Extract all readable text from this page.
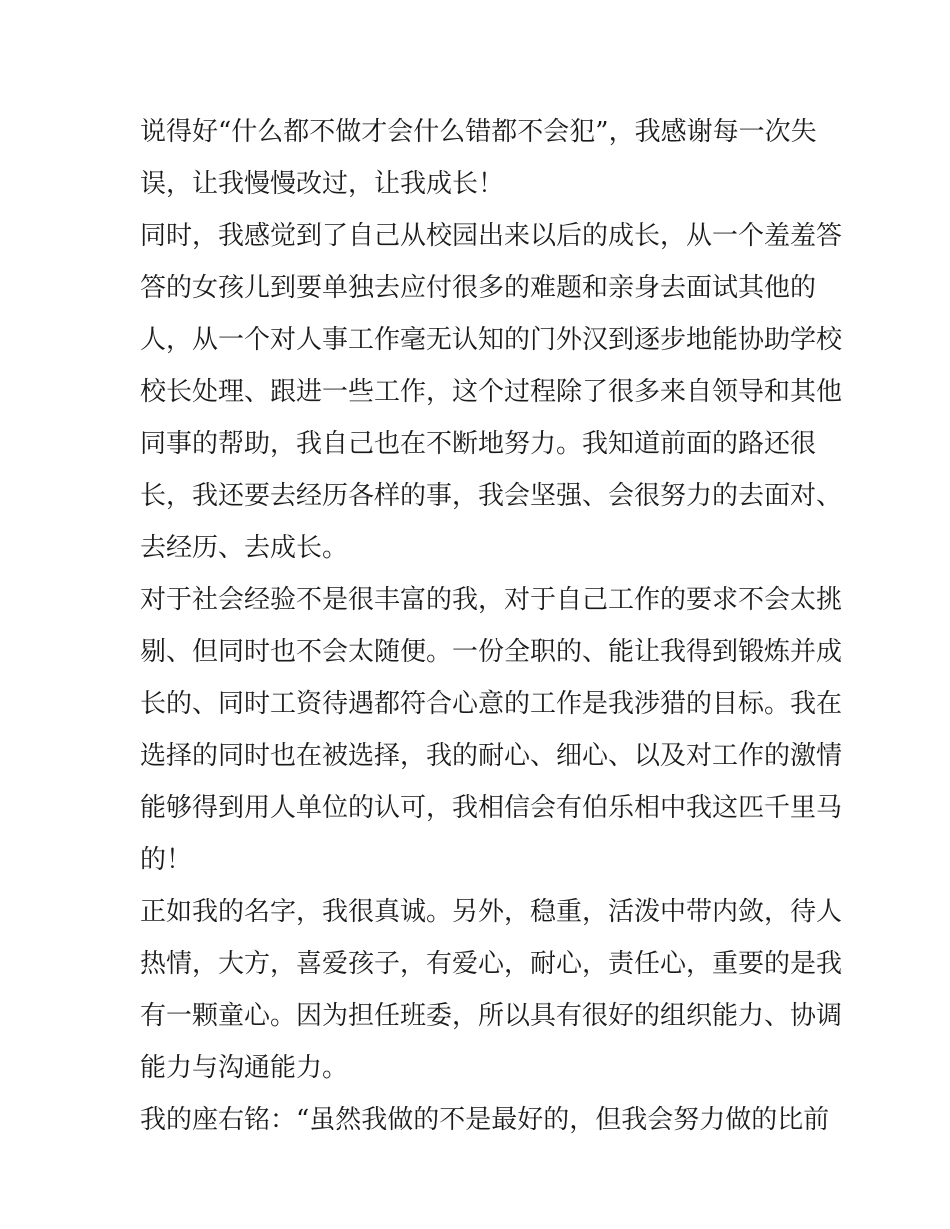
说得好“什么都不做才会什么错都不会犯”，我感谢每一次失
误，让我慢慢改过，让我成长！
同时，我感觉到了自己从校园出来以后的成长，从一个羞羞答
答的女孩儿到要单独去应付很多的难题和亲身去面试其他的
人，从一个对人事工作毫无认知的门外汉到逐步地能协助学校
校长处理、跟进一些工作，这个过程除了很多来自领导和其他
同事的帮助，我自己也在不断地努力。我知道前面的路还很
长，我还要去经历各样的事，我会坚强、会很努力的去面对、
去经历、去成长。
对于社会经验不是很丰富的我，对于自己工作的要求不会太挑
剔、但同时也不会太随便。一份全职的、能让我得到锻炼并成
长的、同时工资待遇都符合心意的工作是我涉猎的目标。我在
选择的同时也在被选择，我的耐心、细心、以及对工作的激情
能够得到用人单位的认可，我相信会有伯乐相中我这匹千里马
的！
正如我的名字，我很真诚。另外，稳重，活泼中带内敛，待人
热情，大方，喜爱孩子，有爱心，耐心，责任心，重要的是我
有一颗童心。因为担任班委，所以具有很好的组织能力、协调
能力与沟通能力。
我的座右铭：“虽然我做的不是最好的，但我会努力做的比前
